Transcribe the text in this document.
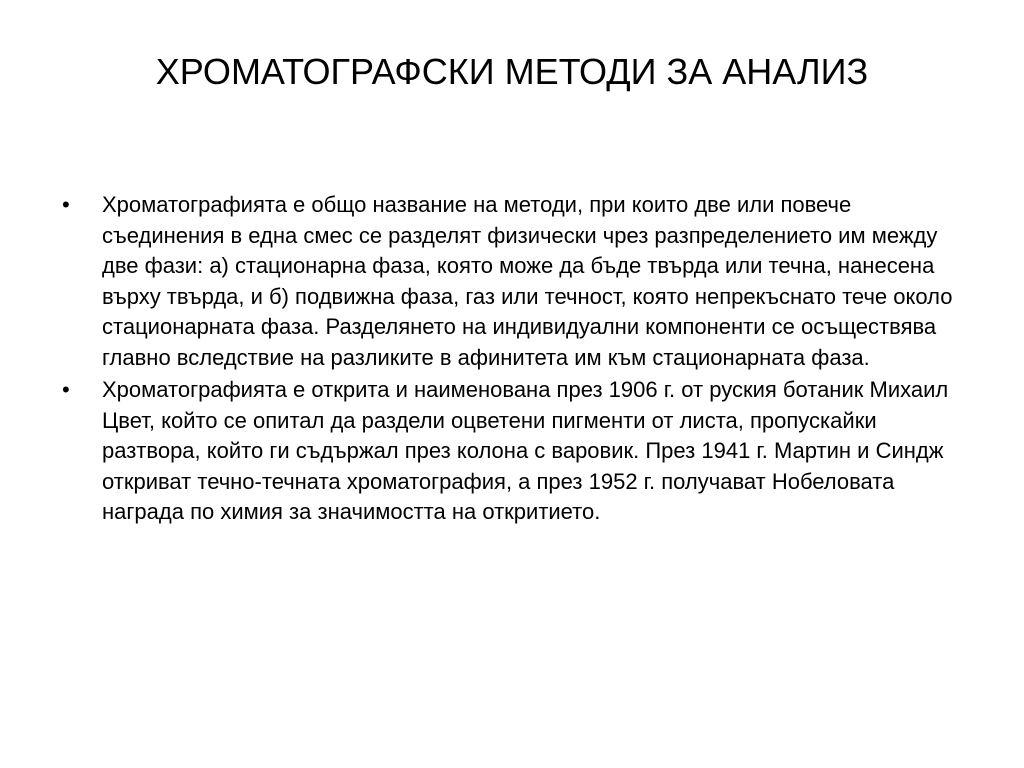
ХРОМАТОГРАФСКИ МЕТОДИ ЗА АНАЛИЗ
•	Хроматографията е общо название на методи, при които две или повече съединения в една смес се разделят физически чрез разпределението им между две фази: а) стационарна фаза, която може да бъде твърда или течна, нанесена върху твърда, и б) подвижна фаза, газ или течност, която непрекъснато тече около стационарната фаза. Разделянето на индивидуални компоненти се осъществява главно вследствие на разликите в афинитета им към стационарната фаза.
•	Хроматографията е открита и наименована през 1906 г. от руския ботаник Михаил Цвет, който се опитал да раздели оцветени пигменти от листа, пропускайки разтвора, който ги съдържал през колона с варовик. През 1941 г. Мартин и Синдж откриват течно-течната хроматография, а през 1952 г. получават Нобеловата награда по химия за значимостта на откритието.
